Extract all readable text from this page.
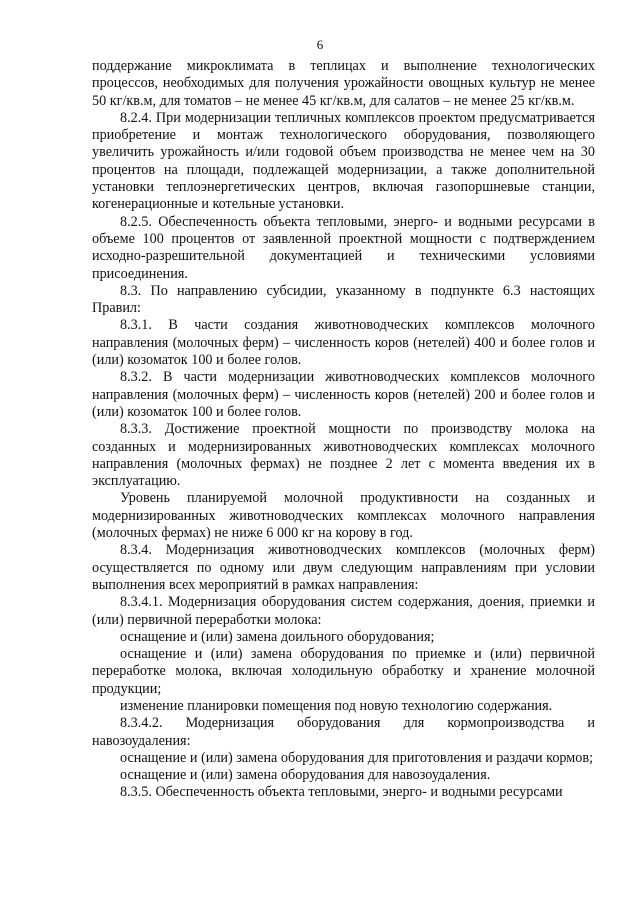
6

поддержание микроклимата в теплицах и выполнение технологических процессов, необходимых для получения урожайности овощных культур не менее 50 кг/кв.м, для томатов – не менее 45 кг/кв.м, для салатов – не менее 25 кг/кв.м.

8.2.4. При модернизации тепличных комплексов проектом предусматривается приобретение и монтаж технологического оборудования, позволяющего увеличить урожайность и/или годовой объем производства не менее чем на 30 процентов на площади, подлежащей модернизации, а также дополнительной установки теплоэнергетических центров, включая газопоршневые станции, когенерационные и котельные установки.

8.2.5. Обеспеченность объекта тепловыми, энерго- и водными ресурсами в объеме 100 процентов от заявленной проектной мощности с подтверждением исходно-разрешительной документацией и техническими условиями присоединения.

8.3. По направлению субсидии, указанному в подпункте 6.3 настоящих Правил:

8.3.1. В части создания животноводческих комплексов молочного направления (молочных ферм) – численность коров (нетелей) 400 и более голов и (или) козоматок 100 и более голов.

8.3.2. В части модернизации животноводческих комплексов молочного направления (молочных ферм) – численность коров (нетелей) 200 и более голов и (или) козоматок 100 и более голов.

8.3.3. Достижение проектной мощности по производству молока на созданных и модернизированных животноводческих комплексах молочного направления (молочных фермах) не позднее 2 лет с момента введения их в эксплуатацию.

Уровень планируемой молочной продуктивности на созданных и модернизированных животноводческих комплексах молочного направления (молочных фермах) не ниже 6 000 кг на корову в год.

8.3.4. Модернизация животноводческих комплексов (молочных ферм) осуществляется по одному или двум следующим направлениям при условии выполнения всех мероприятий в рамках направления:

8.3.4.1. Модернизация оборудования систем содержания, доения, приемки и (или) первичной переработки молока:

оснащение и (или) замена доильного оборудования;

оснащение и (или) замена оборудования по приемке и (или) первичной переработке молока, включая холодильную обработку и хранение молочной продукции;

изменение планировки помещения под новую технологию содержания.

8.3.4.2. Модернизация оборудования для кормопроизводства и навозоудаления:

оснащение и (или) замена оборудования для приготовления и раздачи кормов;

оснащение и (или) замена оборудования для навозоудаления.

8.3.5. Обеспеченность объекта тепловыми, энерго- и водными ресурсами
